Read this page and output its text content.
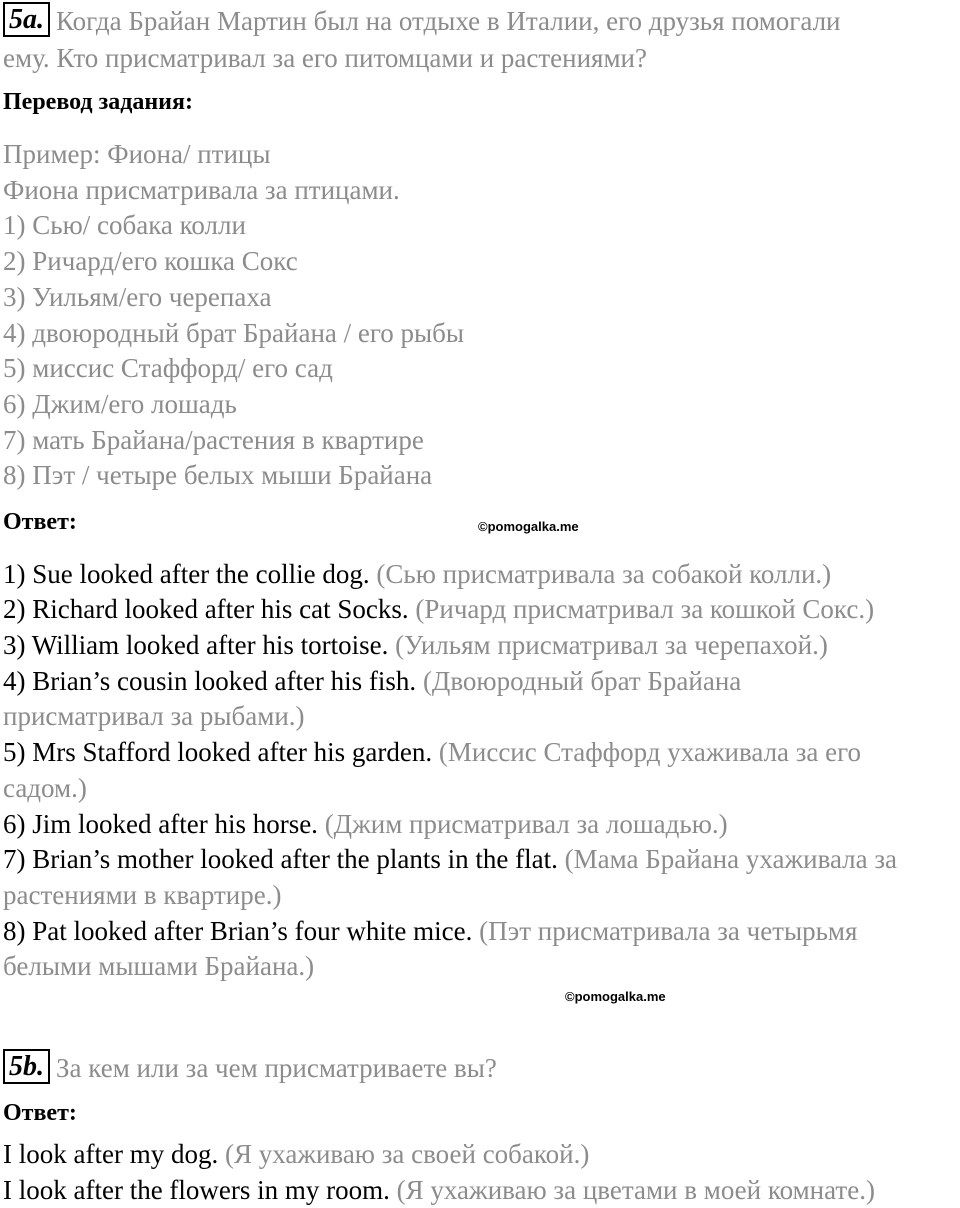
5a. Когда Брайан Мартин был на отдыхе в Италии, его друзья помогали
ему. Кто присматривал за его питомцами и растениями?
Перевод задания:
Пример: Фиона/ птицы
Фиона присматривала за птицами.
1) Сью/ собака колли
2) Ричард/его кошка Сокс
3) Уильям/его черепаха
4) двоюродный брат Брайана / его рыбы
5) миссис Стаффорд/ его сад
6) Джим/его лошадь
7) мать Брайана/растения в квартире
8) Пэт / четыре белых мыши Брайана
Ответ:	©pomogalka.me
1) Sue looked after the collie dog. (Сью присматривала за собакой колли.)
2) Richard looked after his cat Socks. (Ричард присматривал за кошкой Сокс.)
3) William looked after his tortoise. (Уильям присматривал за черепахой.)
4) Brian’s cousin looked after his fish. (Двоюродный брат Брайана
присматривал за рыбами.)
5) Mrs Stafford looked after his garden. (Миссис Стаффорд ухаживала за его
садом.)
6) Jim looked after his horse. (Джим присматривал за лошадью.)
7) Brian’s mother looked after the plants in the flat. (Мама Брайана ухаживала за
растениями в квартире.)
8) Pat looked after Brian’s four white mice. (Пэт присматривала за четырьмя
белыми мышами Брайана.)
©pomogalka.me
5b. За кем или за чем присматриваете вы?
Ответ:
I look after my dog. (Я ухаживаю за своей собакой.)
I look after the flowers in my room. (Я ухаживаю за цветами в моей комнате.)
